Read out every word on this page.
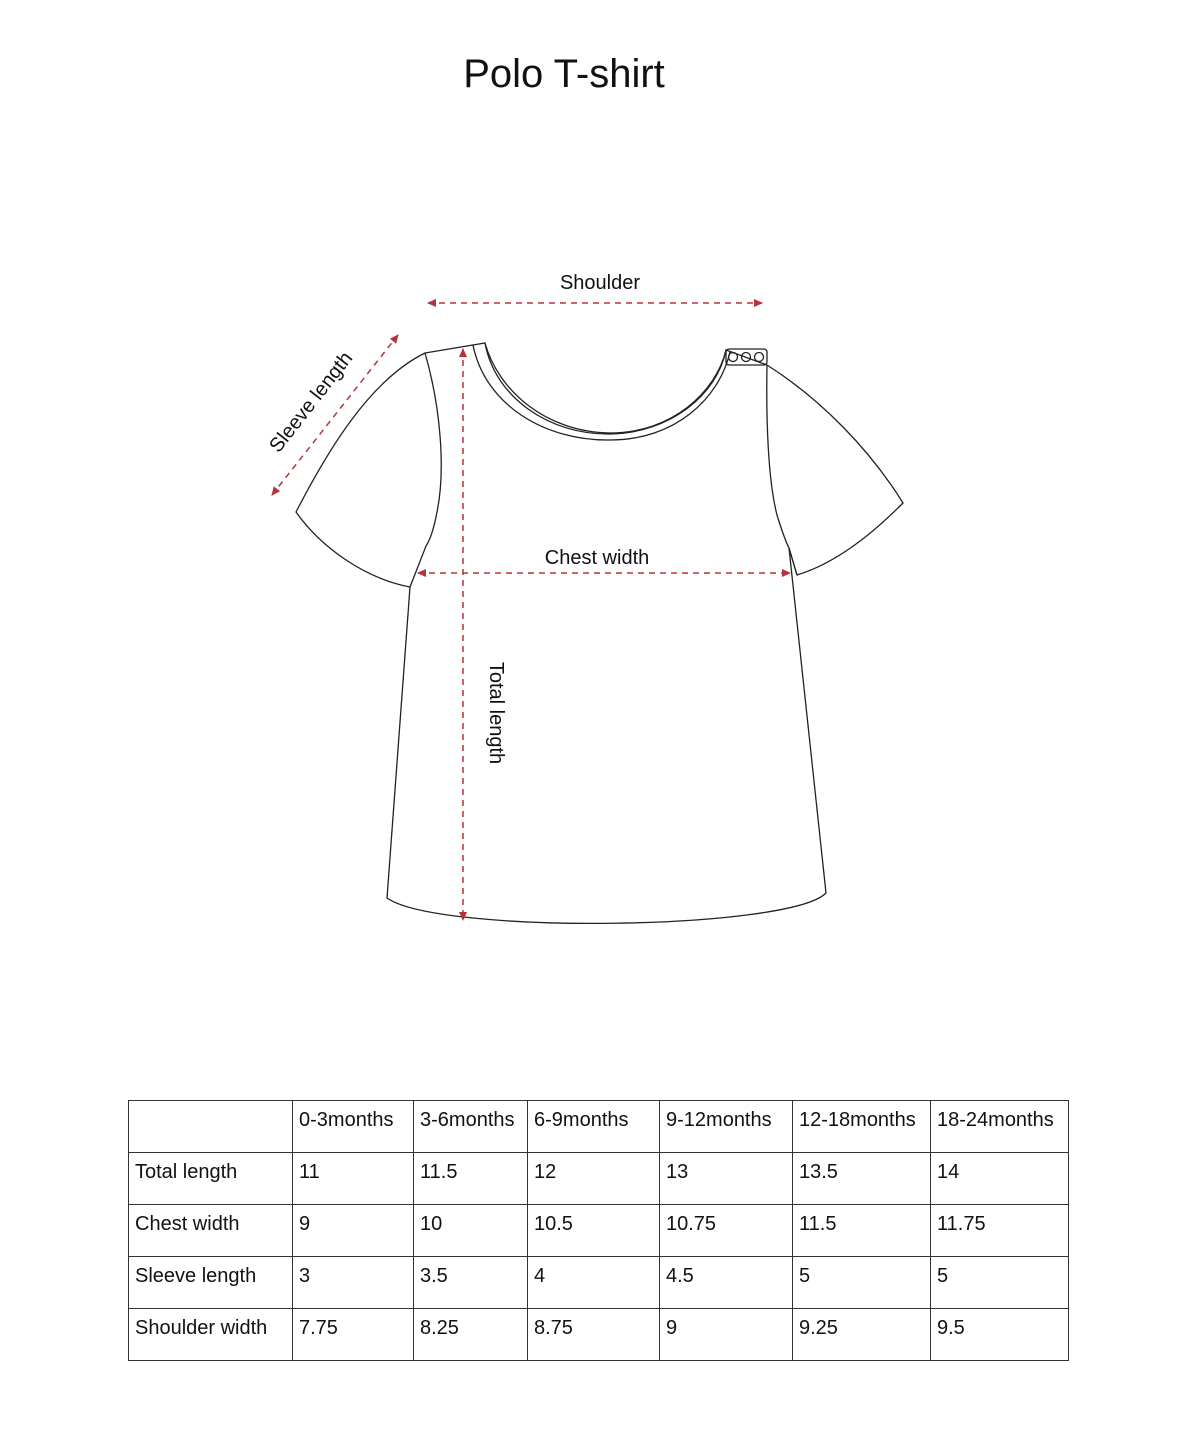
Polo T-shirt
Shoulder
Chest width
Sleeve length
Total length
	0-3months	3-6months	6-9months	9-12months	12-18months	18-24months
Total length	11	11.5	12	13	13.5	14
Chest width	9	10	10.5	10.75	11.5	11.75
Sleeve length	3	3.5	4	4.5	5	5
Shoulder width	7.75	8.25	8.75	9	9.25	9.5
